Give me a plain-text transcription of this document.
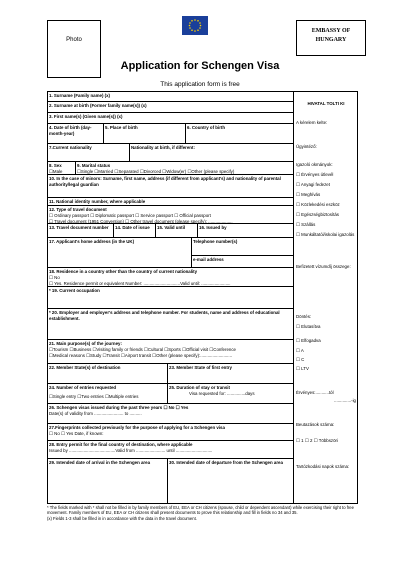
Photo
EMBASSY OF
HUNGARY
Application for Schengen Visa
This application form is free
1. Surname (Family name) (x)
2. Surname at birth (Former family name(s)) (x)
3. First name(s) (Given name(s)) (x)
4. Date of birth (day-month-year)
5. Place of birth	6. Country of birth
7.Current nationality	Nationality at birth, if different:
8. Sex
☐Male
9. Marital status
☐Single ☐Married ☐Separated ☐Divorced ☐Widow(er) ☐Other (please specify)
10. In the case of minors: Surname, first name, address (if different from applicant's) and nationality of parental authority/legal guardian
11. National identity number, where applicable
12. Type of travel document
☐ Ordinary passport ☐ Diplomatic passport ☐ Service passport ☐ Official passport
☐ Travel document (1951 Convention) ☐ Other travel document (please specify): ....................
13. Travel document number	14. Date of issue	15. Valid until	16. Issued by
17. Applicant's home address (in the UK)	Telephone number(s)
e-mail address
18. Residence in a country other than the country of current nationality
☐ No
☐ Yes. Residence permit or equivalent Number: ..............................Valid until: ........................
* 19. Current occupation
* 20. Employer and employer's address and telephone number. For students, name and address of educational establishment.
21. Main purpose(s) of the journey:
☐Tourism ☐Business ☐Visiting family or friends ☐Cultural ☐Sports ☐Official visit ☐Conference
☐Medical reasons ☐Study ☐Transit ☐Airport transit ☐Other (please specify):..........................
22. Member State(s) of destination	23. Member State of first entry
24. Number of entries requested
☐Single entry ☐Two entries ☐Multiple entries
25. Duration of stay or transit
Visa requested for: ...............days
26. Schengen visas issued during the past three years ☐ No ☐ Yes
Date(s) of validity from ........................ to ..........
27.Fingerprints collected previously for the purpose of applying for a Schengen visa
☐ No ☐ Yes Date, if known:
28. Entry permit for the final country of destination, where applicable
Issued by ......................................Valid from ........................ until ..............................
29. Intended date of arrival in the Schengen area	30. Intended date of departure from the Schengen area
HIVATAL TOLTI KI
A kérelem kelte:
Ügyintéző:
Igazoló okmányok:
☐ Érvényes útlevél
☐ Anyagi fedezet
☐ Meghívás
☐ Közlekedési eszköz
☐ Egészségbiztosítás
☐ Szállás
☐ Munkáltatói/iskolai igazolás
Befizetett vízumdíj összege:
Döntés:
☐ Elutasítva
☐ Elfogadva
☐ A
☐ C
☐ LTV
Érvényes:...........tól
..............-ig
Beutazások száma:
☐ 1 ☐ 2 ☐ Többszöri
Tartózkodási napok száma:
* The fields marked with * shall not be filled in by family members of EU, EEA or CH citizens (spouse, child or dependent ascendant) while exercising their right to free movement. Family members of EU, EEA or CH citizens shall present documents to prove this relationship and fill in fields no 34 and 35.
(x) Fields 1-3 shall be filled in in accordance with the data in the travel document.
